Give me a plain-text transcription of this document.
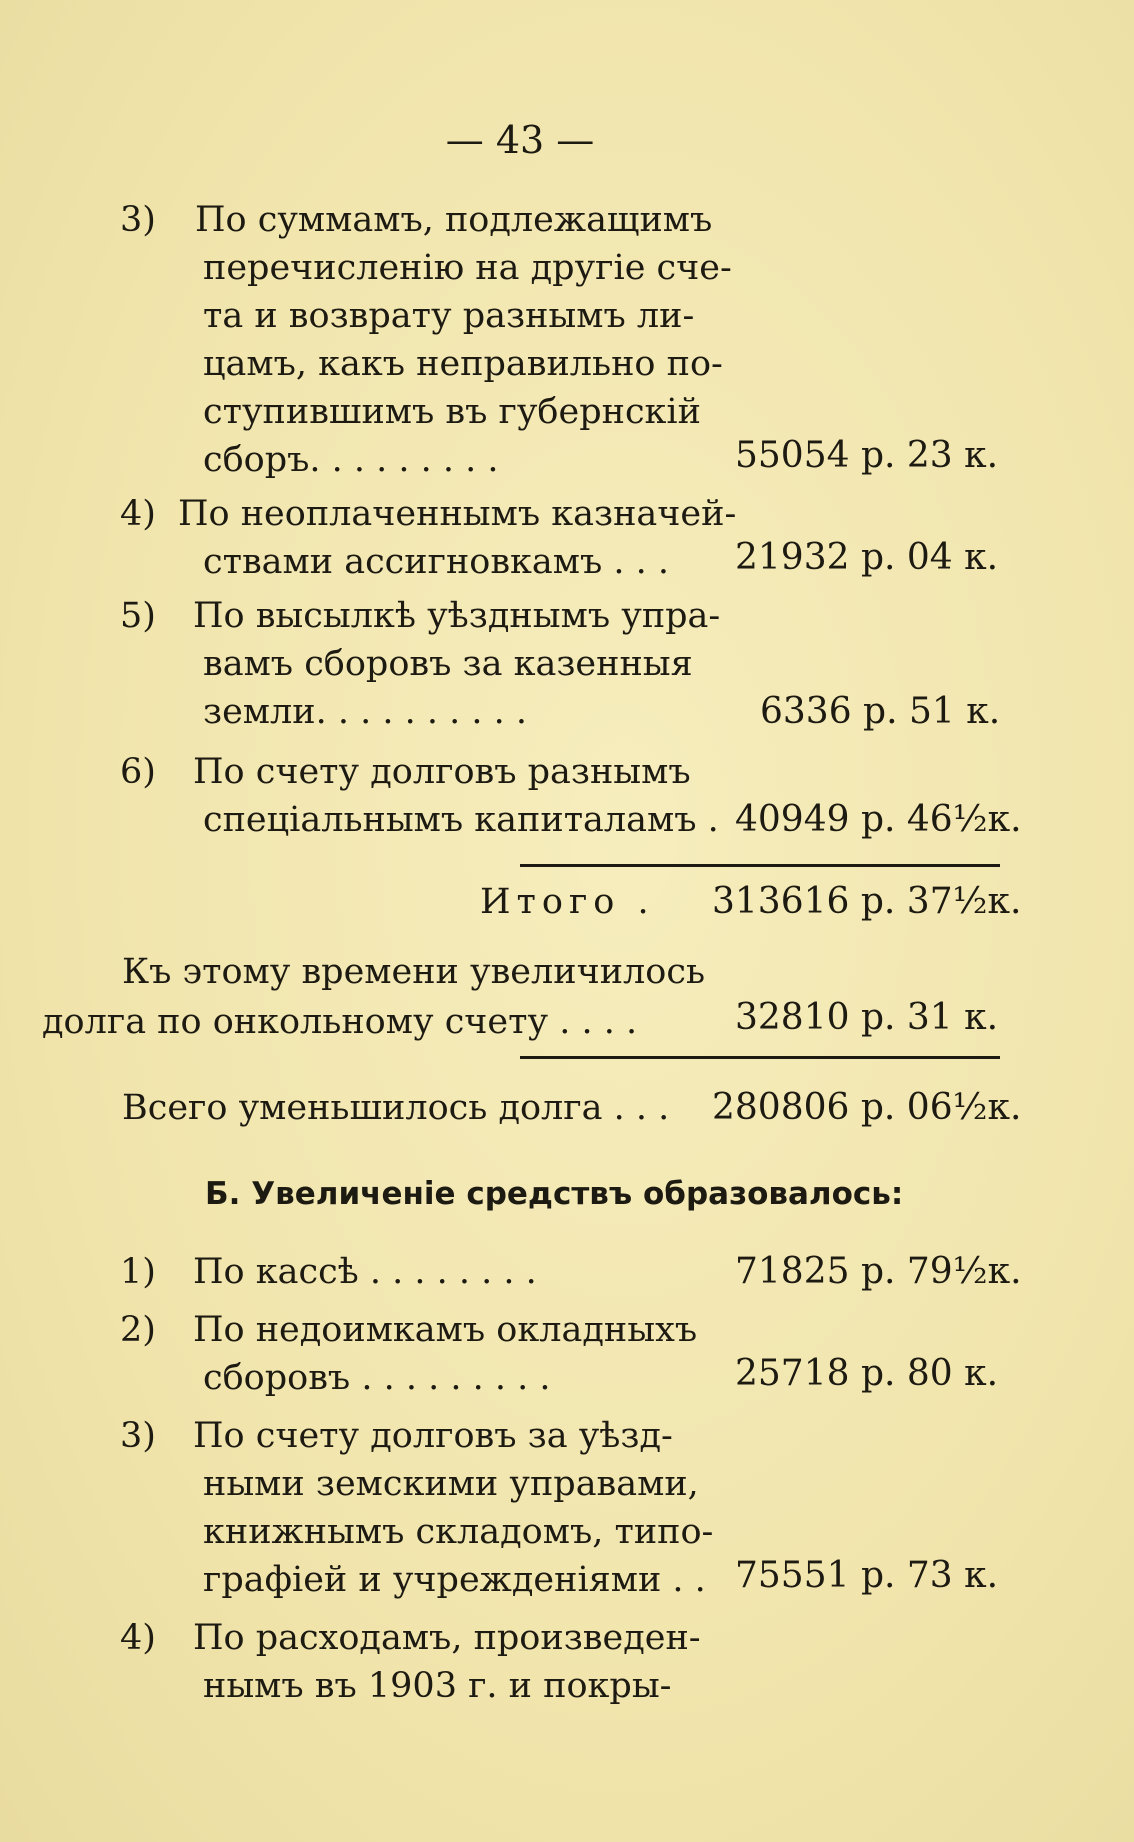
— 43 —
3) По суммамъ, подлежащимъ
перечисленію на другіе сче-
та и возврату разнымъ ли-
цамъ, какъ неправильно по-
ступившимъ въ губернскій
сборъ. . . . . . . . .	55054 р. 23 к.
4) По неоплаченнымъ казначей-
ствами ассигновкамъ . . . 21932 р. 04 к.
5) По высылкѣ уѣзднымъ упра-
вамъ сборовъ за казенныя
земли. . . . . . . . . .	6336 р. 51 к.
6) По счету долговъ разнымъ
спеціальнымъ капиталамъ . 40949 р. 46½к.
Итого . 313616 р. 37½к.
Къ этому времени увеличилось
долга по онкольному счету . . . .	32810 р. 31 к.
Всего уменьшилось долга . . . 280806 р. 06½к.
Б. Увеличеніе средствъ образовалось:
1) По кассѣ . . . . . . . .	71825 р. 79½к.
2) По недоимкамъ окладныхъ
сборовъ . . . . . . . . .	25718 р. 80 к.
3) По счету долговъ за уѣзд-
ными земскими управами,
книжнымъ складомъ, типо-
графіей и учрежденіями . . 75551 р. 73 к.
4) По расходамъ, произведен-
нымъ въ 1903 г. и покры-
